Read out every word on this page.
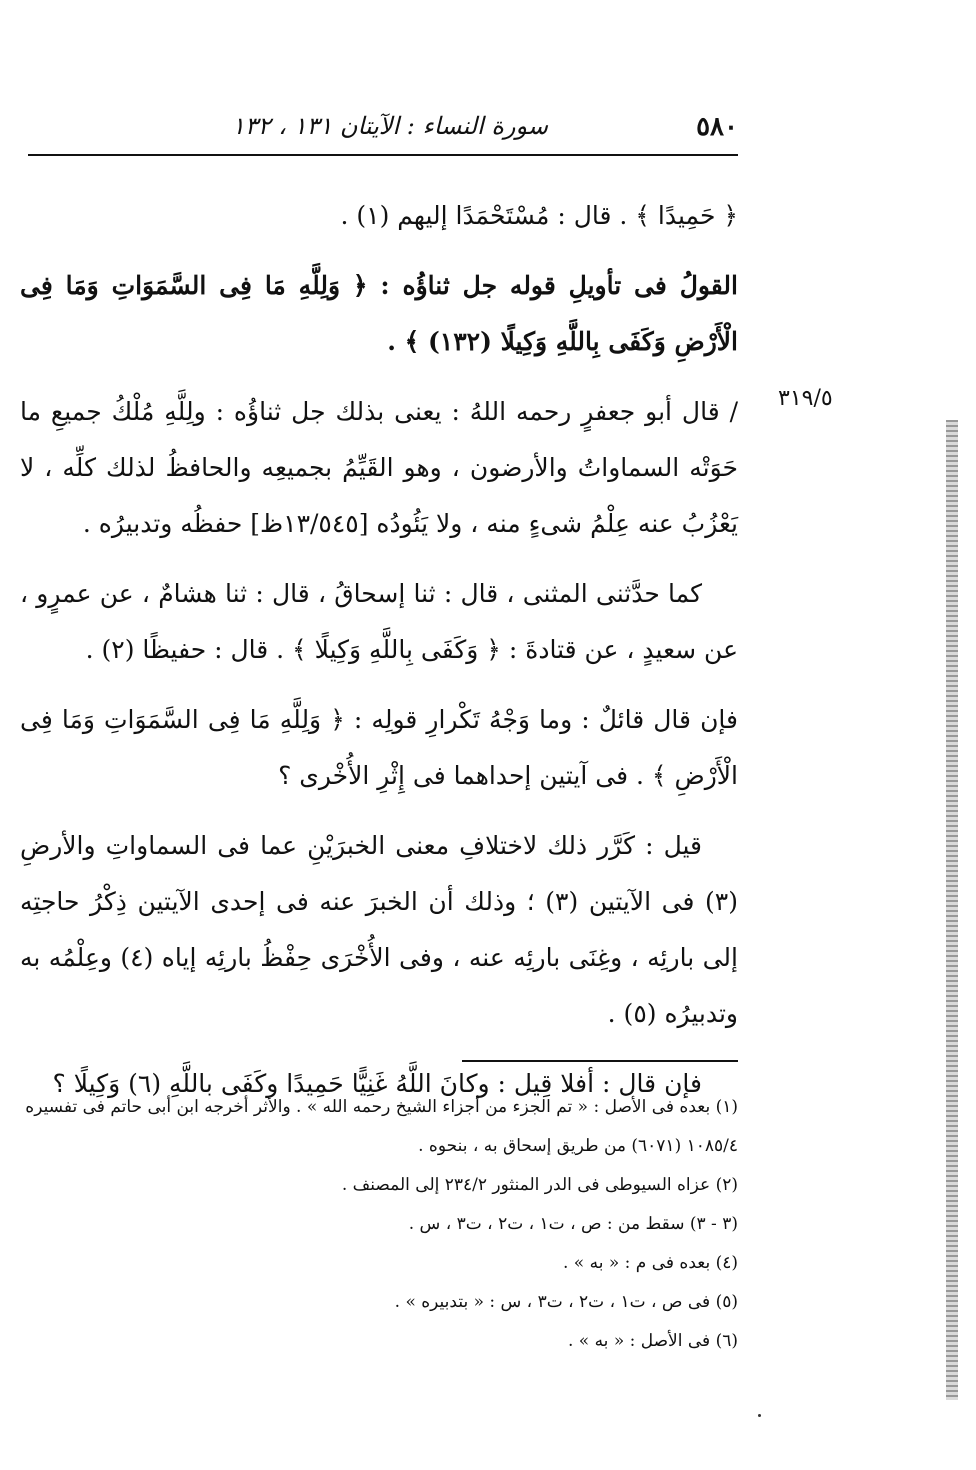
٥٨٠
سورة النساء : الآيتان ١٣١ ، ١٣٢
٣١٩/٥

﴿ حَمِيدًا ﴾ . قال : مُسْتَحْمَدًا إليهم (١) .

القولُ فى تأويلِ قوله جل ثناؤُه : ﴿ وَلِلَّهِ مَا فِى السَّمَوَاتِ وَمَا فِى الْأَرْضِ وَكَفَى بِاللَّهِ وَكِيلًا (١٣٢) ﴾ .

/ قال أبو جعفرٍ رحمه اللهُ : يعنى بذلك جل ثناؤُه : ولِلَّهِ مُلْكُ جميعِ ما حَوَتْه السماواتُ والأرضون ، وهو القَيِّمُ بجميعِه والحافظُ لذلك كلِّه ، لا يَعْزُبُ عنه عِلْمُ شىءٍ منه ، ولا يَئُودُه [١٣/٥٤٥ظ] حفظُه وتدبيرُه .

كما حدَّثنى المثنى ، قال : ثنا إسحاقُ ، قال : ثنا هشامٌ ، عن عمرٍو ، عن سعيدٍ ، عن قتادةَ : ﴿ وَكَفَى بِاللَّهِ وَكِيلًا ﴾ . قال : حفيظًا (٢) .

فإن قال قائلٌ : وما وَجْهُ تَكْرارِ قولِه : ﴿ وَلِلَّهِ مَا فِى السَّمَوَاتِ وَمَا فِى الْأَرْضِ ﴾ . فى آيتين إحداهما فى إِثْرِ الأُخْرى ؟

قيل : كَرَّر ذلك لاختلافِ معنى الخبرَيْنِ عما فى السماواتِ والأرضِ (٣) فى الآيتين (٣) ؛ وذلك أن الخبرَ عنه فى إحدى الآيتين ذِكْرُ حاجتِه إلى بارئِه ، وغِنَى بارئِه عنه ، وفى الأُخْرَى حِفْظُ بارئِه إياه (٤) وعِلْمُه به وتدبيرُه (٥) .

فإن قال : أفلا قِيل : وكانَ اللَّهُ غَنِيًّا حَمِيدًا وكَفَى باللَّهِ (٦) وَكِيلًا ؟

(١) بعده فى الأصل : « تم الجزء من أجزاء الشيخ رحمه الله » . والأثر أخرجه ابن أبى حاتم فى تفسيره ١٠٨٥/٤ (٦٠٧١) من طريق إسحاق به ، بنحوه .
(٢) عزاه السيوطى فى الدر المنثور ٢٣٤/٢ إلى المصنف .
(٣ - ٣) سقط من : ص ، ت١ ، ت٢ ، ت٣ ، س .
(٤) بعده فى م : « به » .
(٥) فى ص ، ت١ ، ت٢ ، ت٣ ، س : « بتدبيره » .
(٦) فى الأصل : « به » .
